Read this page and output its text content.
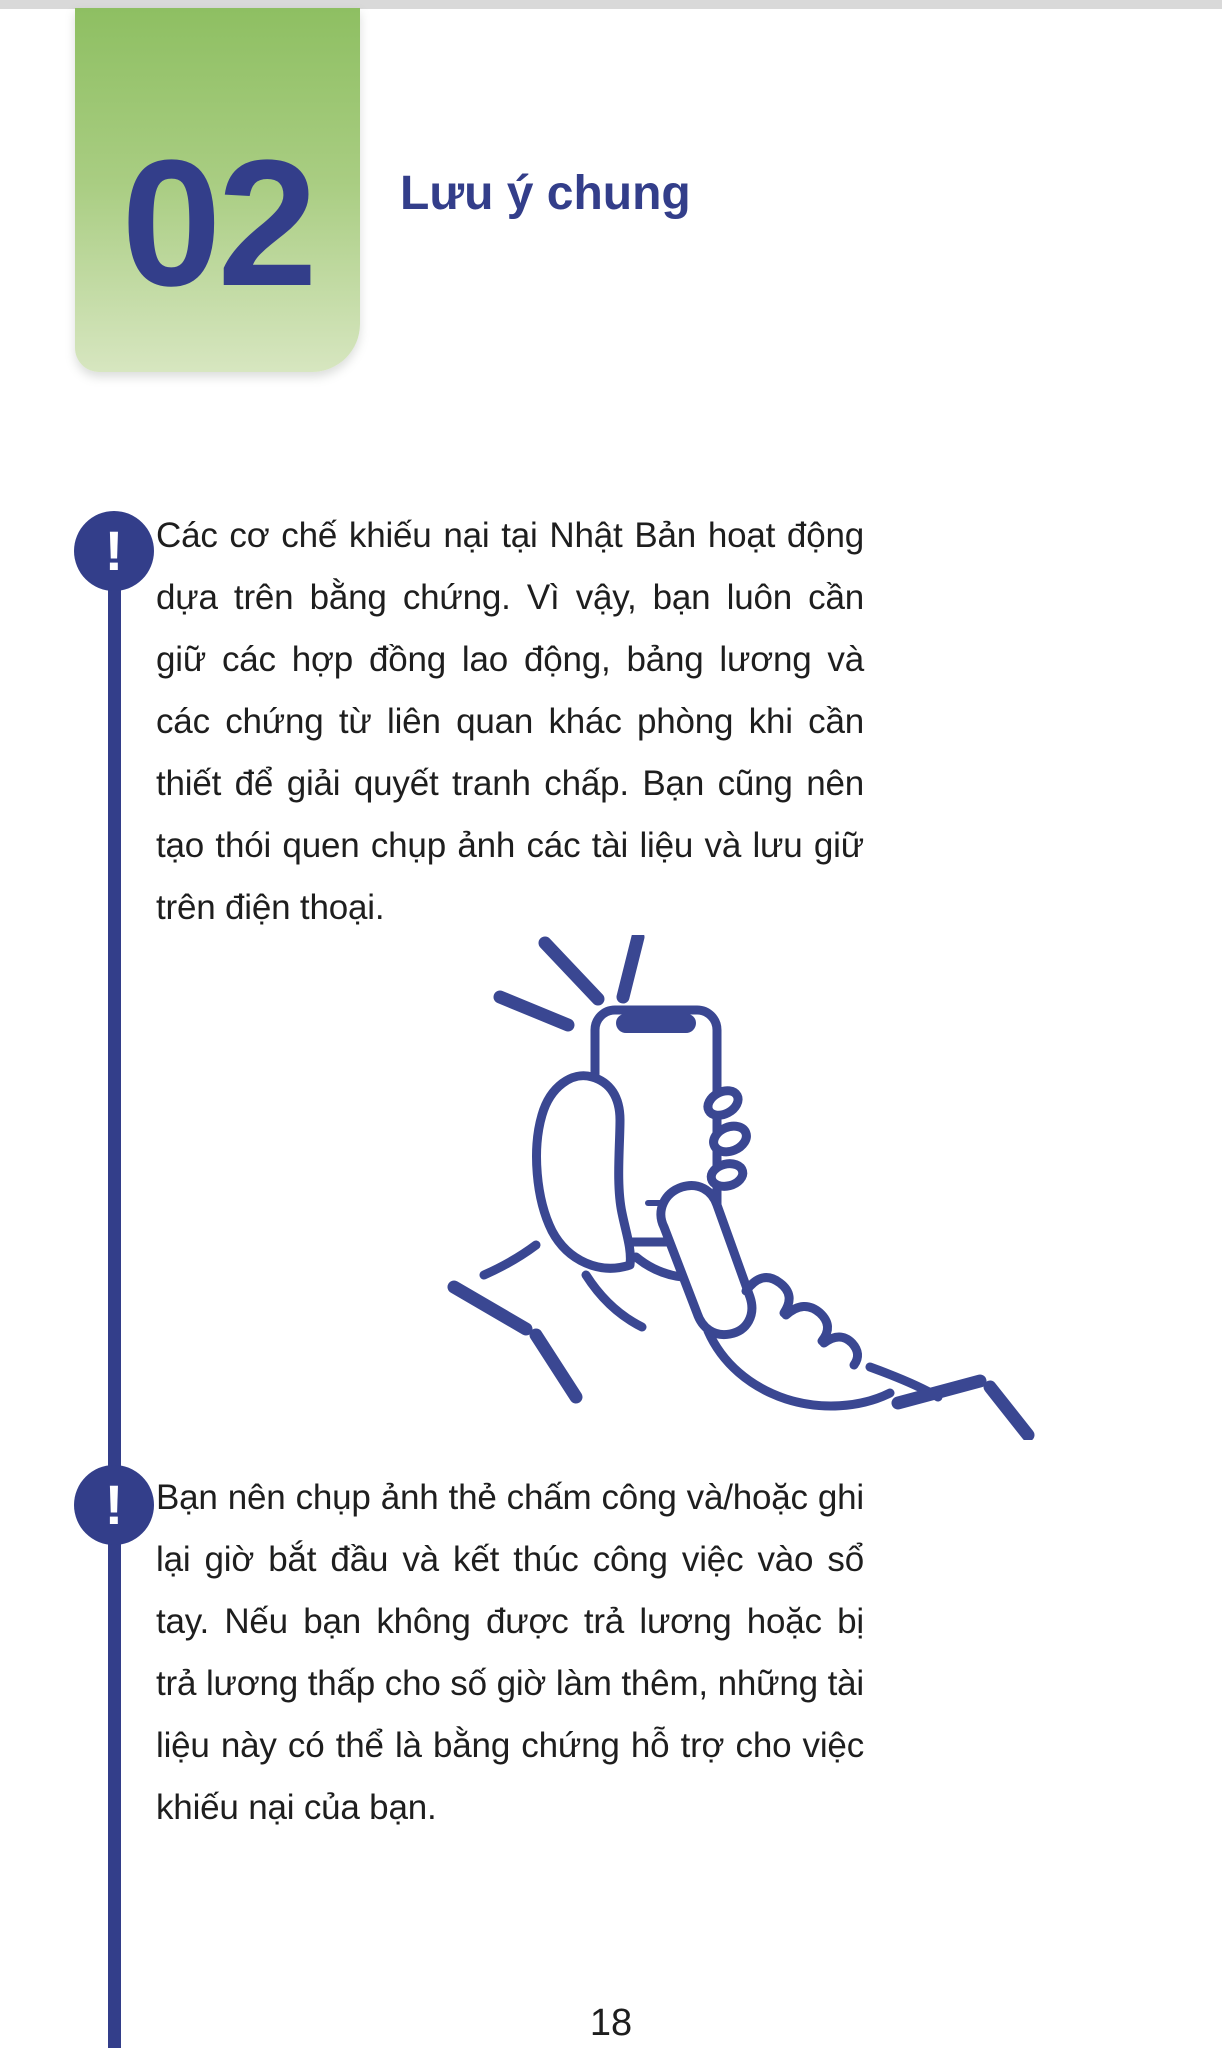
02 Lưu ý chung
! Các cơ chế khiếu nại tại Nhật Bản hoạt động dựa trên bằng chứng. Vì vậy, bạn luôn cần giữ các hợp đồng lao động, bảng lương và các chứng từ liên quan khác phòng khi cần thiết để giải quyết tranh chấp. Bạn cũng nên tạo thói quen chụp ảnh các tài liệu và lưu giữ trên điện thoại.
! Bạn nên chụp ảnh thẻ chấm công và/hoặc ghi lại giờ bắt đầu và kết thúc công việc vào sổ tay. Nếu bạn không được trả lương hoặc bị trả lương thấp cho số giờ làm thêm, những tài liệu này có thể là bằng chứng hỗ trợ cho việc khiếu nại của bạn.
18
